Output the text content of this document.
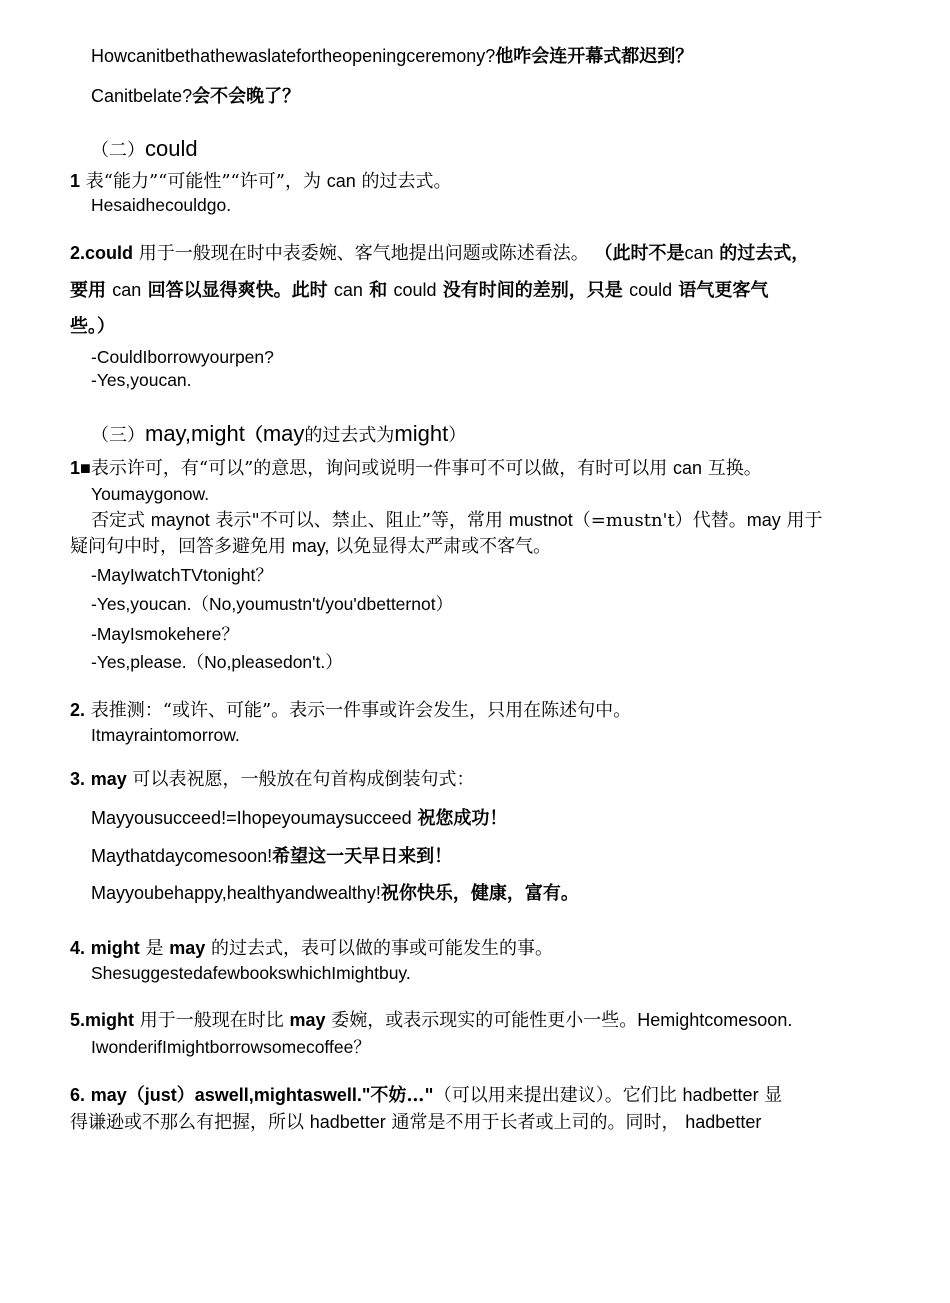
Howcanitbethathewaslatefortheopeningceremony?他咋会连开幕式都迟到？
Canitbelate?会不会晚了？
（二）could
1 表“能力”“可能性”“许可”，为 can 的过去式。
Hesaidhecouldgo.
2.could 用于一般现在时中表委婉、客气地提出问题或陈述看法。 （此时不是can 的过去式，
要用 can 回答以显得爽快。此时 can 和 could 没有时间的差别，只是 could 语气更客气
些。）
-CouldIborrowyourpen?
-Yes,youcan.
（三）may,might（may的过去式为might）
1■表示许可，有“可以”的意思，询问或说明一件事可不可以做，有时可以用 can 互换。
Youmaygonow.
否定式 maynot 表示"不可以、禁止、阻止”等，常用 mustnot（=mustn't）代替。may 用于
疑问句中时，回答多避免用 may, 以免显得太严肃或不客气。
-MayIwatchTVtonight？
-Yes,youcan.（No,youmustn't/you'dbetternot）
-MayIsmokehere？
-Yes,please.（No,pleasedon't.）
2. 表推测：“或许、可能”。表示一件事或许会发生，只用在陈述句中。
Itmayraintomorrow.
3. may 可以表祝愿，一般放在句首构成倒装句式：
Mayyousucceed!=Ihopeyoumaysucceed 祝您成功！
Maythatdaycomesoon!希望这一天早日来到！
Mayyoubehappy,healthyandwealthy!祝你快乐，健康，富有。
4. might 是 may 的过去式，表可以做的事或可能发生的事。
ShesuggestedafewbookswhichImightbuy.
5.might 用于一般现在时比 may 委婉，或表示现实的可能性更小一些。Hemightcomesoon.
IwonderifImightborrowsomecoffee？
6. may（just）aswell,mightaswell."不妨…"（可以用来提出建议）。它们比 hadbetter 显
得谦逊或不那么有把握，所以 hadbetter 通常是不用于长者或上司的。同时， hadbetter
